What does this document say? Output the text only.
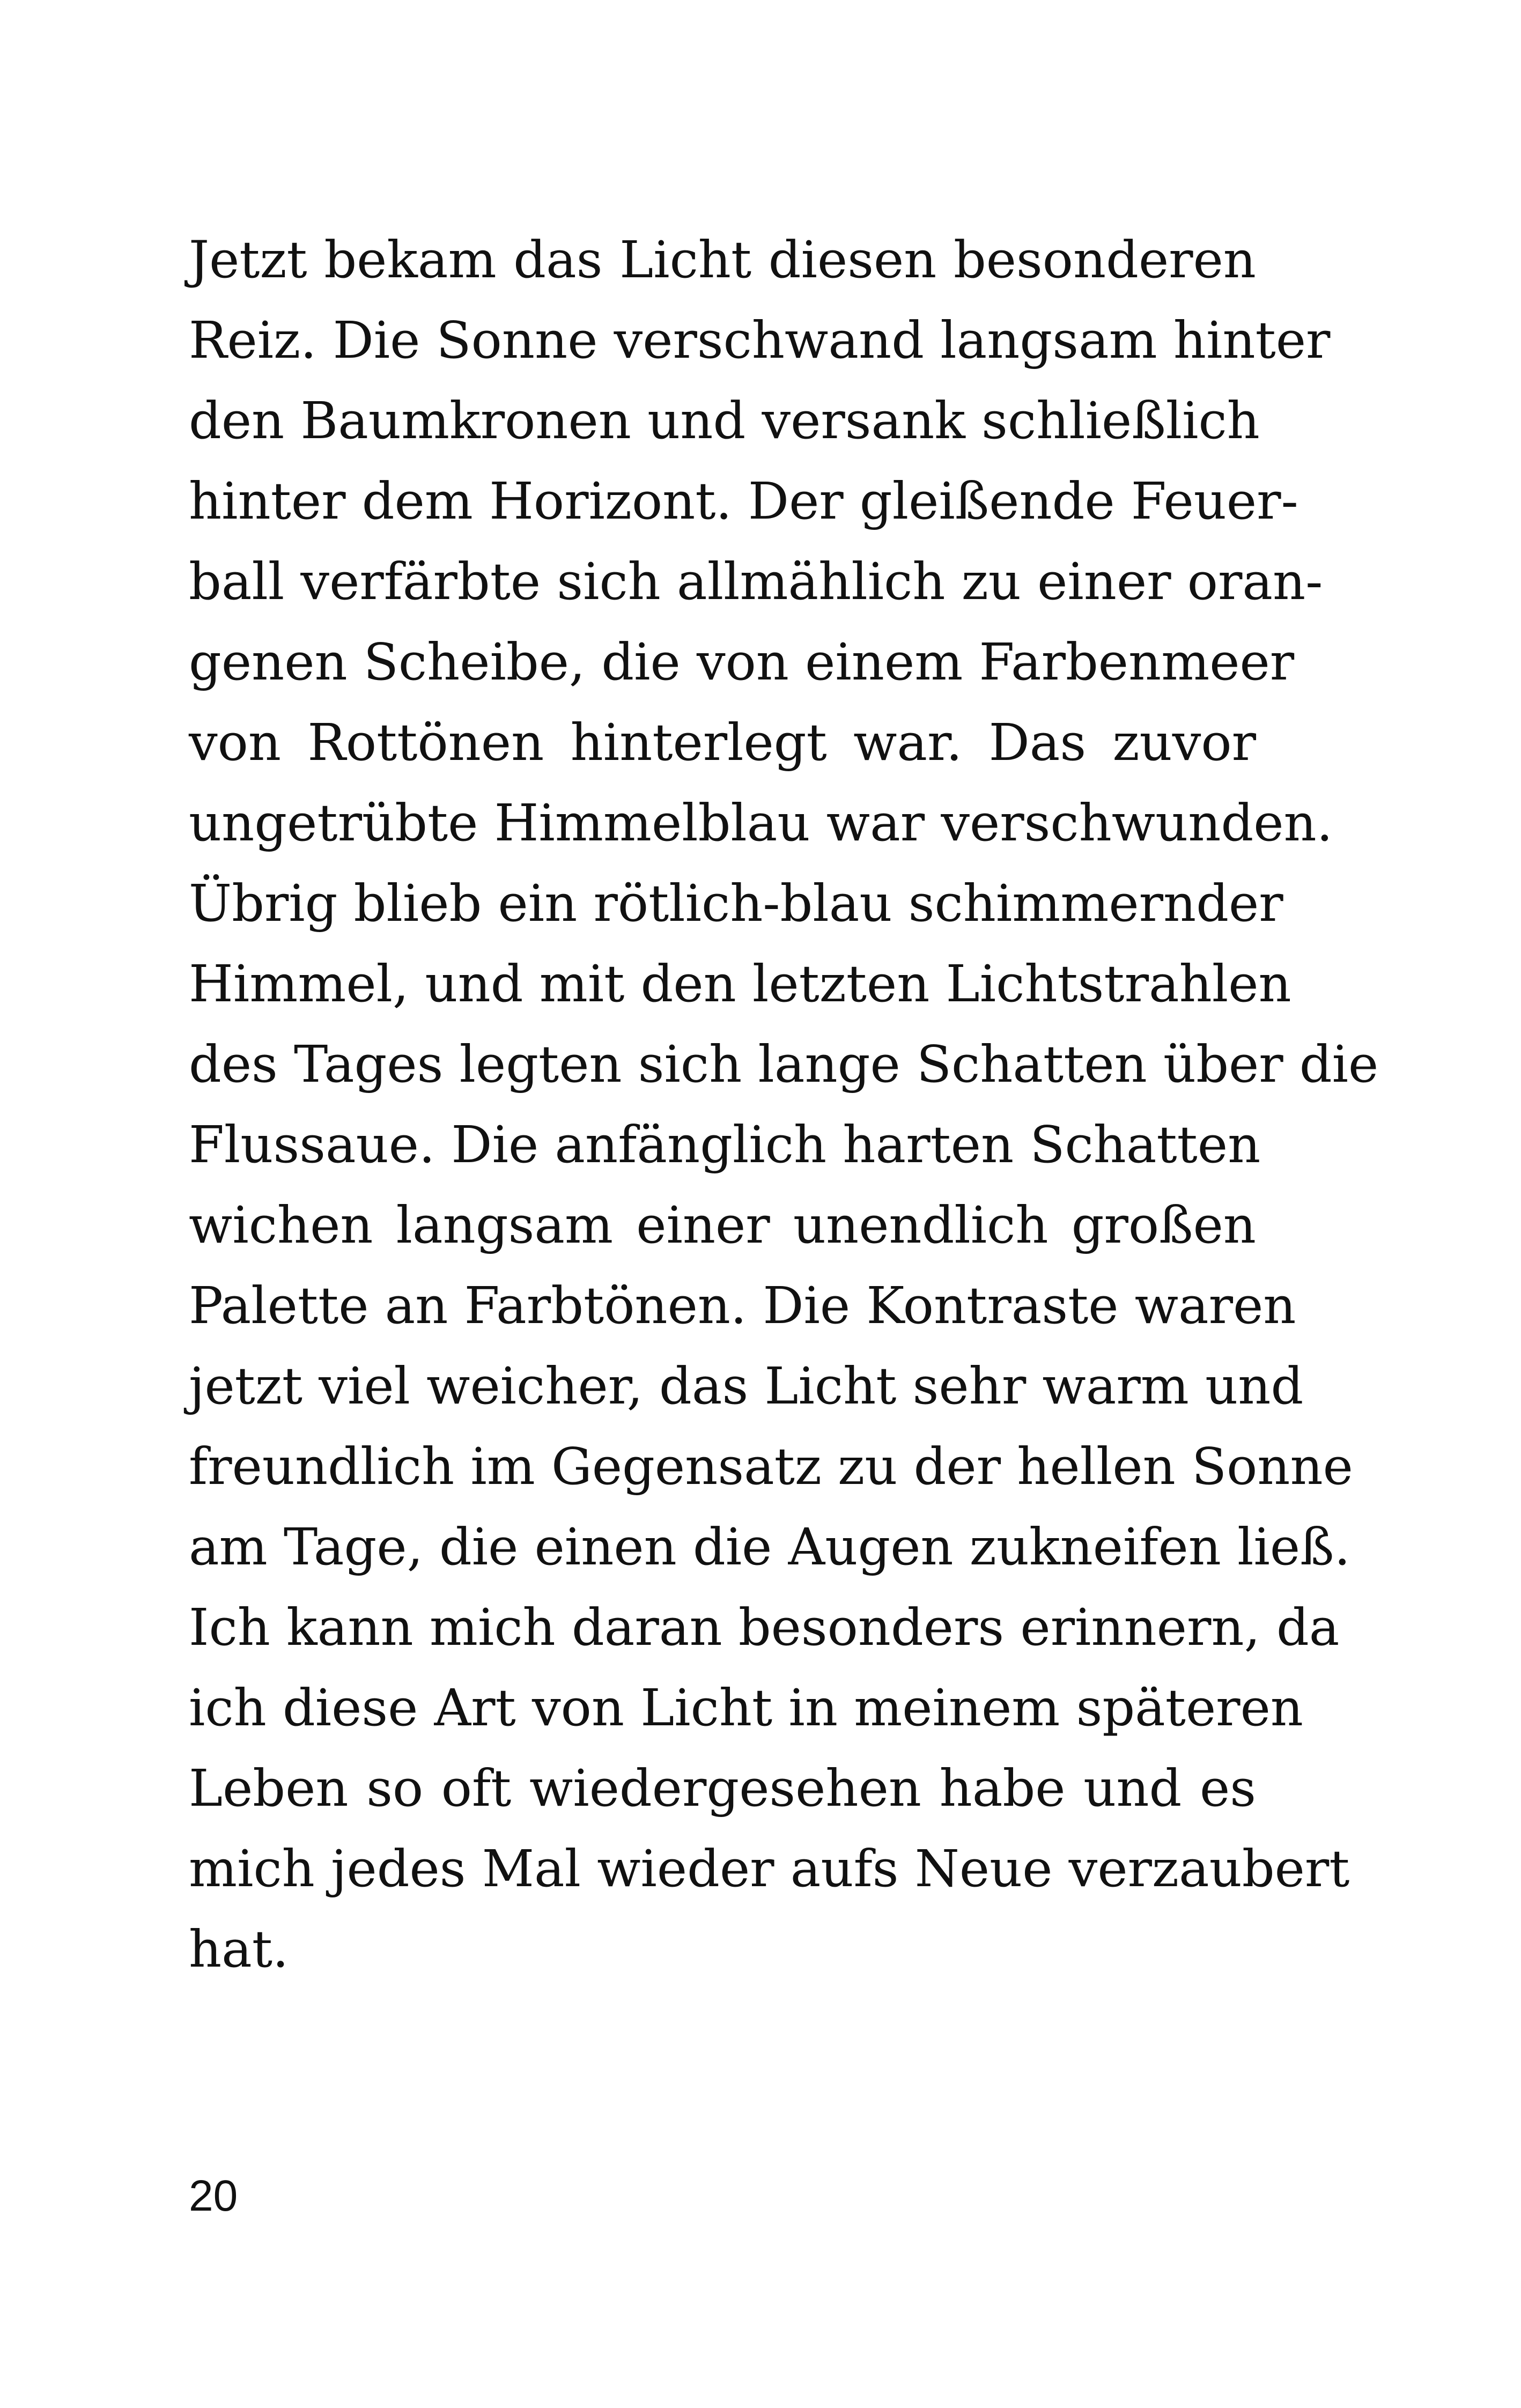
Jetzt bekam das Licht diesen besonderen
Reiz. Die Sonne verschwand langsam hinter
den Baumkronen und versank schließlich
hinter dem Horizont. Der gleißende Feuer-
ball verfärbte sich allmählich zu einer oran-
genen Scheibe, die von einem Farbenmeer
von Rottönen hinterlegt war. Das zuvor
ungetrübte Himmelblau war verschwunden.
Übrig blieb ein rötlich-blau schimmernder
Himmel, und mit den letzten Lichtstrahlen
des Tages legten sich lange Schatten über die
Flussaue. Die anfänglich harten Schatten
wichen langsam einer unendlich großen
Palette an Farbtönen. Die Kontraste waren
jetzt viel weicher, das Licht sehr warm und
freundlich im Gegensatz zu der hellen Sonne
am Tage, die einen die Augen zukneifen ließ.
Ich kann mich daran besonders erinnern, da
ich diese Art von Licht in meinem späteren
Leben so oft wiedergesehen habe und es
mich jedes Mal wieder aufs Neue verzaubert
hat.
20
